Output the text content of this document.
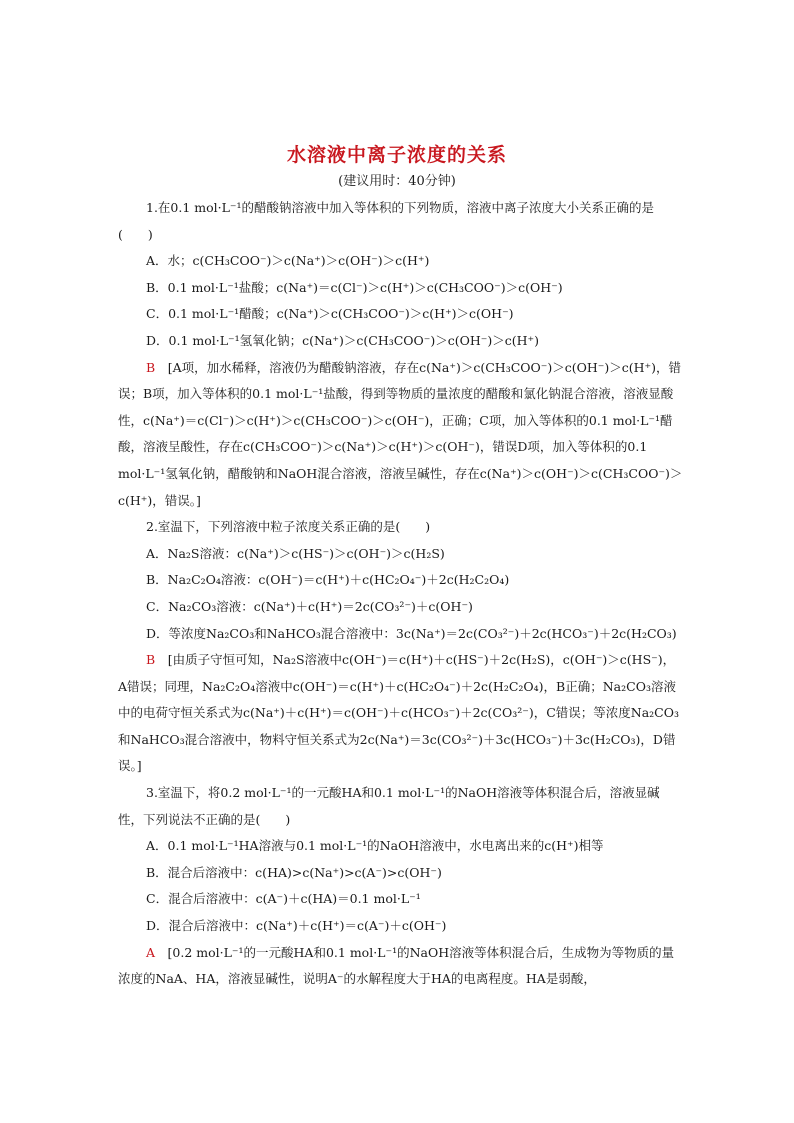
水溶液中离子浓度的关系
(建议用时：40分钟)

1.在0.1 mol·L⁻¹的醋酸钠溶液中加入等体积的下列物质，溶液中离子浓度大小关系正确的是(　　)

A．水；c(CH₃COO⁻)＞c(Na⁺)＞c(OH⁻)＞c(H⁺)

B．0.1 mol·L⁻¹盐酸；c(Na⁺)＝c(Cl⁻)＞c(H⁺)＞c(CH₃COO⁻)＞c(OH⁻)

C．0.1 mol·L⁻¹醋酸；c(Na⁺)＞c(CH₃COO⁻)＞c(H⁺)＞c(OH⁻)

D．0.1 mol·L⁻¹氢氧化钠；c(Na⁺)＞c(CH₃COO⁻)＞c(OH⁻)＞c(H⁺)

B　 [A项，加水稀释，溶液仍为醋酸钠溶液，存在c(Na⁺)＞c(CH₃COO⁻)＞c(OH⁻)＞c(H⁺)，错误；B项，加入等体积的0.1 mol·L⁻¹盐酸，得到等物质的量浓度的醋酸和氯化钠混合溶液，溶液显酸性，c(Na⁺)＝c(Cl⁻)＞c(H⁺)＞c(CH₃COO⁻)＞c(OH⁻)，正确；C项，加入等体积的0.1 mol·L⁻¹醋酸，溶液呈酸性，存在c(CH₃COO⁻)＞c(Na⁺)＞c(H⁺)＞c(OH⁻)，错误D项，加入等体积的0.1 mol·L⁻¹氢氧化钠，醋酸钠和NaOH混合溶液，溶液呈碱性，存在c(Na⁺)＞c(OH⁻)＞c(CH₃COO⁻)＞c(H⁺)，错误。]

2.室温下，下列溶液中粒子浓度关系正确的是(　　)

A．Na₂S溶液：c(Na⁺)＞c(HS⁻)＞c(OH⁻)＞c(H₂S)

B．Na₂C₂O₄溶液：c(OH⁻)＝c(H⁺)＋c(HC₂O₄⁻)＋2c(H₂C₂O₄)

C．Na₂CO₃溶液：c(Na⁺)＋c(H⁺)＝2c(CO₃²⁻)＋c(OH⁻)

D．等浓度Na₂CO₃和NaHCO₃混合溶液中：3c(Na⁺)＝2c(CO₃²⁻)＋2c(HCO₃⁻)＋2c(H₂CO₃)

B　 [由质子守恒可知，Na₂S溶液中c(OH⁻)＝c(H⁺)＋c(HS⁻)＋2c(H₂S)，c(OH⁻)＞c(HS⁻)，A错误；同理，Na₂C₂O₄溶液中c(OH⁻)＝c(H⁺)＋c(HC₂O₄⁻)＋2c(H₂C₂O₄)，B正确；Na₂CO₃溶液中的电荷守恒关系式为c(Na⁺)＋c(H⁺)＝c(OH⁻)＋c(HCO₃⁻)＋2c(CO₃²⁻)，C错误；等浓度Na₂CO₃和NaHCO₃混合溶液中，物料守恒关系式为2c(Na⁺)＝3c(CO₃²⁻)＋3c(HCO₃⁻)＋3c(H₂CO₃)，D错误。]

3.室温下，将0.2 mol·L⁻¹的一元酸HA和0.1 mol·L⁻¹的NaOH溶液等体积混合后，溶液显碱性，下列说法不正确的是(　　)

A．0.1 mol·L⁻¹HA溶液与0.1 mol·L⁻¹的NaOH溶液中，水电离出来的c(H⁺)相等

B．混合后溶液中：c(HA)>c(Na⁺)>c(A⁻)>c(OH⁻)

C．混合后溶液中：c(A⁻)＋c(HA)＝0.1 mol·L⁻¹

D．混合后溶液中：c(Na⁺)＋c(H⁺)＝c(A⁻)＋c(OH⁻)

A　 [0.2 mol·L⁻¹的一元酸HA和0.1 mol·L⁻¹的NaOH溶液等体积混合后，生成物为等物质的量浓度的NaA、HA，溶液显碱性，说明A⁻的水解程度大于HA的电离程度。HA是弱酸，
